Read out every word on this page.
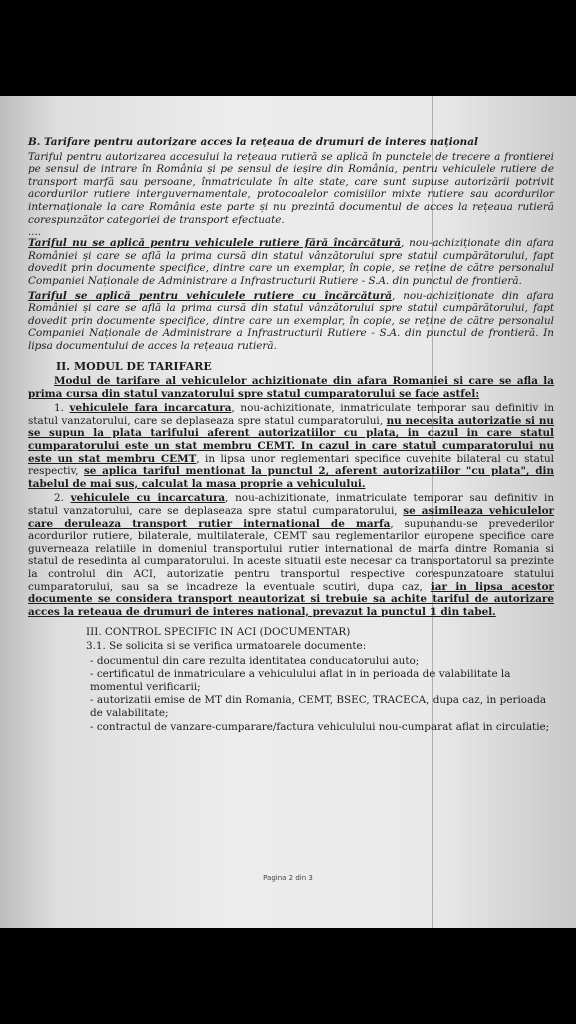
B. Tarifare pentru autorizare acces la rețeaua de drumuri de interes național
Tariful pentru autorizarea accesului la rețeaua rutieră se aplică în punctele de trecere a frontierei pe sensul de intrare în România și pe sensul de ieșire din România, pentru vehiculele rutiere de transport marfă sau persoane, înmatriculate în alte state, care sunt supuse autorizării potrivit acordurilor rutiere interguvernamentale, protocoalelor comisiilor mixte rutiere sau acordurilor internaționale la care România este parte și nu prezintă documentul de acces la rețeaua rutieră corespunzător categoriei de transport efectuate.
....
Tariful nu se aplică pentru vehiculele rutiere fără încărcătură, nou-achiziționate din afara României și care se află la prima cursă din statul vânzătorului spre statul cumpărătorului, fapt dovedit prin documente specifice, dintre care un exemplar, în copie, se reține de către personalul Companiei Naționale de Administrare a Infrastructurii Rutiere - S.A. din punctul de frontieră.
Tariful se aplică pentru vehiculele rutiere cu încărcătură, nou-achiziționate din afara României și care se află la prima cursă din statul vânzătorului spre statul cumpărătorului, fapt dovedit prin documente specifice, dintre care un exemplar, în copie, se reține de către personalul Companiei Naționale de Administrare a Infrastructurii Rutiere - S.A. din punctul de frontieră. In lipsa documentului de acces la rețeaua rutieră.
II. MODUL DE TARIFARE
Modul de tarifare al vehiculelor achizitionate din afara Romaniei si care se afla la prima cursa din statul vanzatorului spre statul cumparatorului se face astfel:
1. vehiculele fara incarcatura, nou-achizitionate, inmatriculate temporar sau definitiv in statul vanzatorului, care se deplaseaza spre statul cumparatorului, nu necesita autorizatie si nu se supun la plata tarifului aferent autorizatiilor cu plata, in cazul in care statul cumparatorului este un stat membru CEMT. In cazul in care statul cumparatorului nu este un stat membru CEMT, in lipsa unor reglementari specifice cuvenite bilateral cu statul respectiv, se aplica tariful mentionat la punctul 2, aferent autorizatiilor "cu plata", din tabelul de mai sus, calculat la masa proprie a vehiculului.
2. vehiculele cu incarcatura, nou-achizitionate, inmatriculate temporar sau definitiv in statul vanzatorului, care se deplaseaza spre statul cumparatorului, se asimileaza vehiculelor care deruleaza transport rutier international de marfa, supunandu-se prevederilor acordurilor rutiere, bilaterale, multilaterale, CEMT sau reglementarilor europene specifice care guverneaza relatiile in domeniul transportului rutier international de marfa dintre Romania si statul de resedinta al cumparatorului. In aceste situatii este necesar ca transportatorul sa prezinte la controlul din ACI, autorizatie pentru transportul respective corespunzatoare statului cumparatorului, sau sa se incadreze la eventuale scutiri, dupa caz, iar in lipsa acestor documente se considera transport neautorizat si trebuie sa achite tariful de autorizare acces la reteaua de drumuri de interes national, prevazut la punctul 1 din tabel.
III. CONTROL SPECIFIC IN ACI (DOCUMENTAR)
3.1. Se solicita si se verifica urmatoarele documente:
- documentul din care rezulta identitatea conducatorului auto;
- certificatul de inmatriculare a vehiculului aflat in in perioada de valabilitate la momentul verificarii;
- autorizatii emise de MT din Romania, CEMT, BSEC, TRACECA, dupa caz, in perioada de valabilitate;
- contractul de vanzare-cumparare/factura vehiculului nou-cumparat aflat in circulatie;
Pagina 2 din 3
